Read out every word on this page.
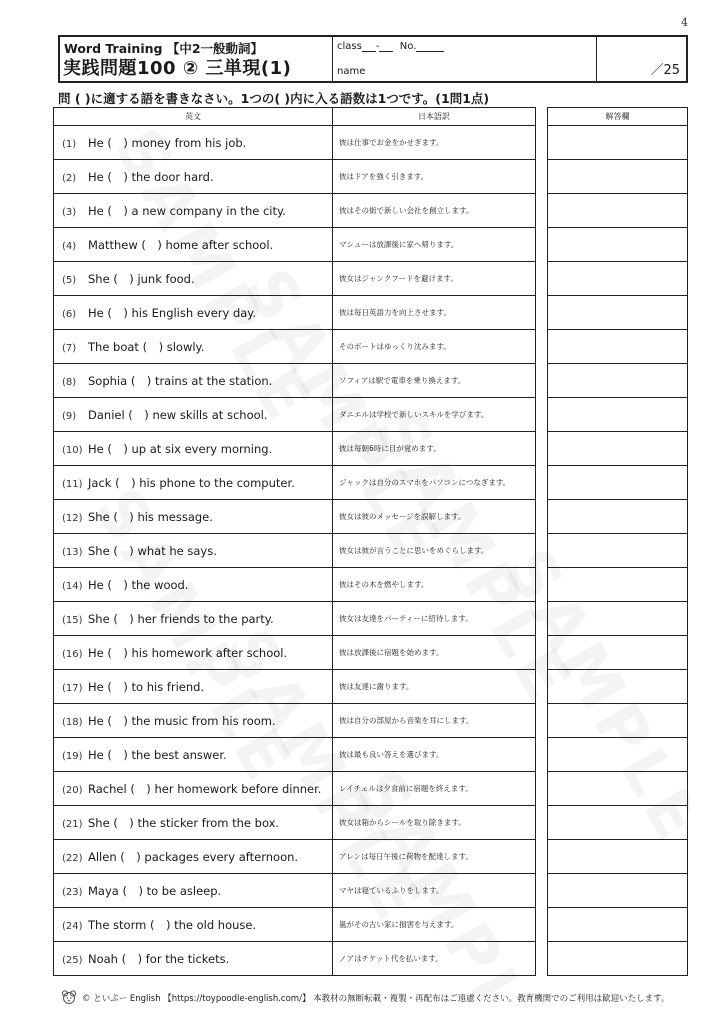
4
Word Training 【中2一般動詞】
実践問題100 ② 三単現(1)
class - No.
name	／25
問 ( )に適する語を書きなさい。1つの( )内に入る語数は1つです。(1問1点)
英文	日本語訳
(1) He (　) money from his job.	彼は仕事でお金をかせぎます。
(2) He (　) the door hard.	彼はドアを強く引きます。
(3) He (　) a new company in the city.	彼はその街で新しい会社を創立します。
(4) Matthew (　) home after school.	マシューは放課後に家へ帰ります。
(5) She (　) junk food.	彼女はジャンクフードを避けます。
(6) He (　) his English every day.	彼は毎日英語力を向上させます。
(7) The boat (　) slowly.	そのボートはゆっくり沈みます。
(8) Sophia (　) trains at the station.	ソフィアは駅で電車を乗り換えます。
(9) Daniel (　) new skills at school.	ダニエルは学校で新しいスキルを学びます。
(10) He (　) up at six every morning.	彼は毎朝6時に目が覚めます。
(11) Jack (　) his phone to the computer.	ジャックは自分のスマホをパソコンにつなぎます。
(12) She (　) his message.	彼女は彼のメッセージを誤解します。
(13) She (　) what he says.	彼女は彼が言うことに思いをめぐらします。
(14) He (　) the wood.	彼はその木を燃やします。
(15) She (　) her friends to the party.	彼女は友達をパーティーに招待します。
(16) He (　) his homework after school.	彼は放課後に宿題を始めます。
(17) He (　) to his friend.	彼は友達に謝ります。
(18) He (　) the music from his room.	彼は自分の部屋から音楽を耳にします。
(19) He (　) the best answer.	彼は最も良い答えを選びます。
(20) Rachel (　) her homework before dinner.	レイチェルは夕食前に宿題を終えます。
(21) She (　) the sticker from the box.	彼女は箱からシールを取り除きます。
(22) Allen (　) packages every afternoon.	アレンは毎日午後に荷物を配達します。
(23) Maya (　) to be asleep.	マヤは寝ているふりをします。
(24) The storm (　) the old house.	嵐がその古い家に損害を与えます。
(25) Noah (　) for the tickets.	ノアはチケット代を払います。
解答欄

© といぷー English 【https://toypoodle-english.com/】 本教材の無断転載・複製・再配布はご遠慮ください。教育機関でのご利用は歓迎いたします。
